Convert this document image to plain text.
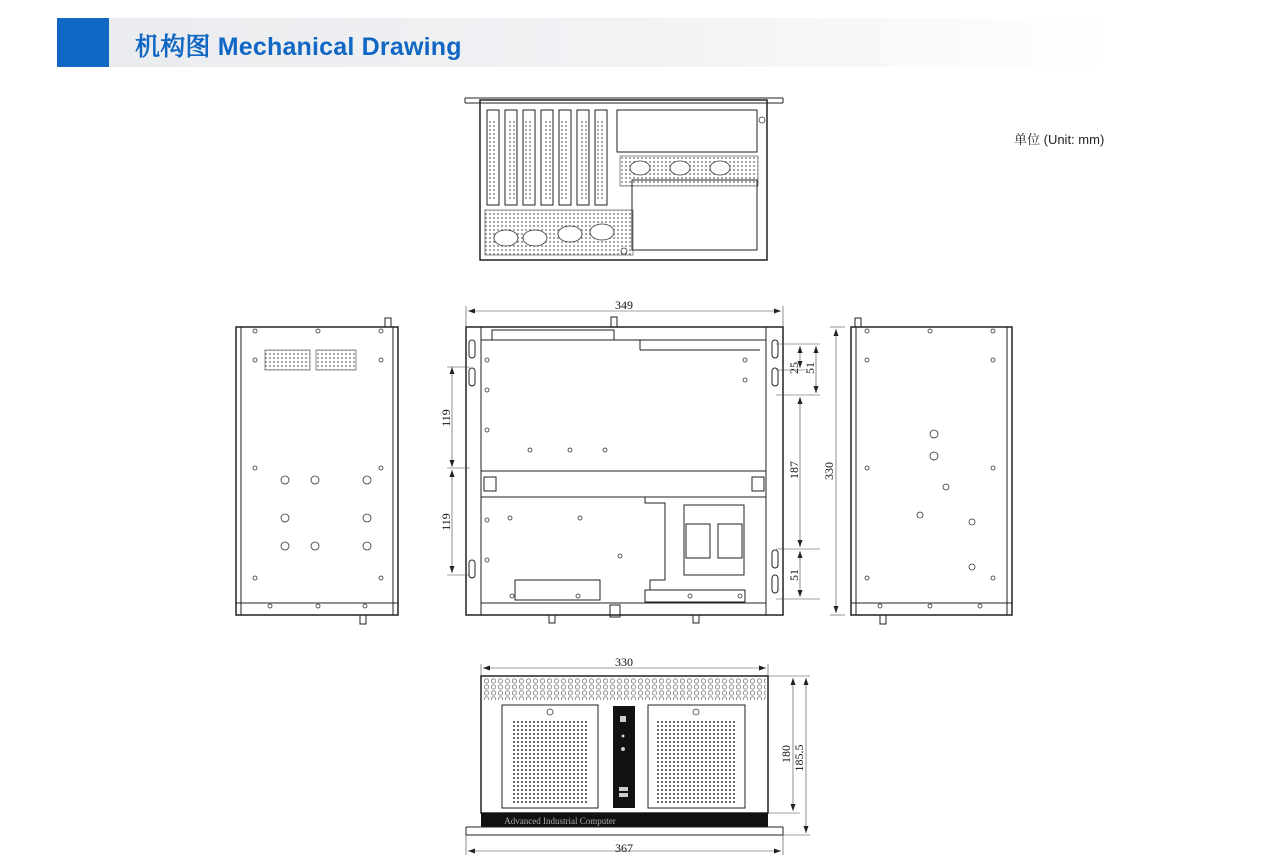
机构图 Mechanical Drawing
单位 (Unit: mm)
349
119
119
25 51
187
51
330
Advanced Industrial Computer
330
367
180 185.5
